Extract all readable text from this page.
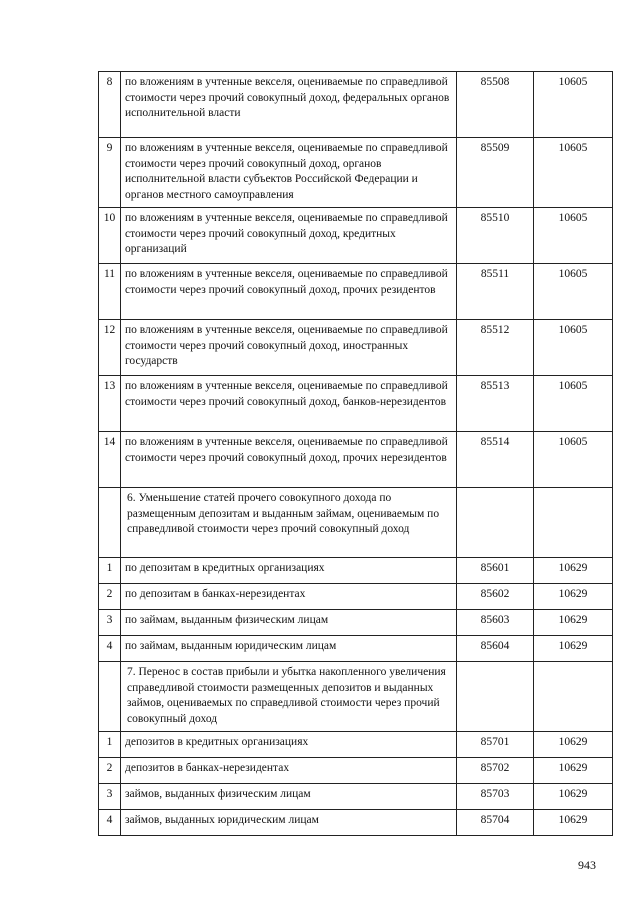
8	по вложениям в учтенные векселя, оцениваемые по справедливой стоимости через прочий совокупный доход, федеральных органов исполнительной власти	85508	10605
9	по вложениям в учтенные векселя, оцениваемые по справедливой стоимости через прочий совокупный доход, органов исполнительной власти субъектов Российской Федерации и органов местного самоуправления	85509	10605
10	по вложениям в учтенные векселя, оцениваемые по справедливой стоимости через прочий совокупный доход, кредитных организаций	85510	10605
11	по вложениям в учтенные векселя, оцениваемые по справедливой стоимости через прочий совокупный доход, прочих резидентов	85511	10605
12	по вложениям в учтенные векселя, оцениваемые по справедливой стоимости через прочий совокупный доход, иностранных государств	85512	10605
13	по вложениям в учтенные векселя, оцениваемые по справедливой стоимости через прочий совокупный доход, банков-нерезидентов	85513	10605
14	по вложениям в учтенные векселя, оцениваемые по справедливой стоимости через прочий совокупный доход, прочих нерезидентов	85514	10605
	6. Уменьшение статей прочего совокупного дохода по размещенным депозитам и выданным займам, оцениваемым по справедливой стоимости через прочий совокупный доход		
1	по депозитам в кредитных организациях	85601	10629
2	по депозитам в банках-нерезидентах	85602	10629
3	по займам, выданным физическим лицам	85603	10629
4	по займам, выданным юридическим лицам	85604	10629
	7. Перенос в состав прибыли и убытка накопленного увеличения справедливой стоимости размещенных депозитов и выданных займов, оцениваемых по справедливой стоимости через прочий совокупный доход		
1	депозитов в кредитных организациях	85701	10629
2	депозитов в банках-нерезидентах	85702	10629
3	займов, выданных физическим лицам	85703	10629
4	займов, выданных юридическим лицам	85704	10629
943
